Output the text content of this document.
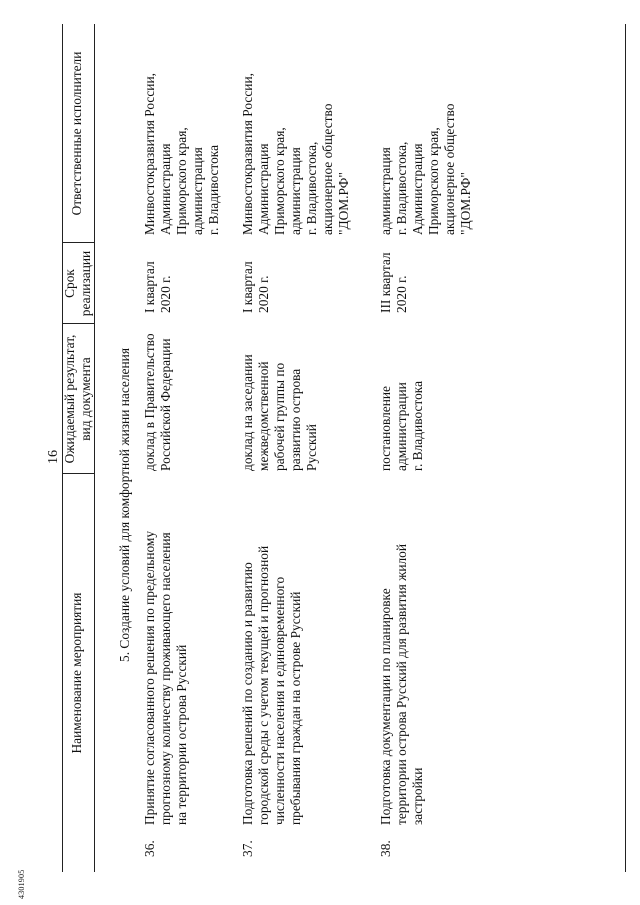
16
Наименование мероприятия
Ожидаемый результат,
вид документа
Срок
реализации
Ответственные исполнители
5. Создание условий для комфортной жизни населения
36.
Принятие согласованного решения по предельному
прогнозному количеству проживающего населения
на территории острова Русский
доклад в Правительство
Российской Федерации
I квартал
2020 г.
Минвостокразвития России,
Администрация
Приморского края,
администрация
г. Владивостока
37.
Подготовка решений по созданию и развитию
городской среды с учетом текущей и прогнозной
численности населения и единовременного
пребывания граждан на острове Русский
доклад на заседании
межведомственной
рабочей группы по
развитию острова
Русский
I квартал
2020 г.
Минвостокразвития России,
Администрация
Приморского края,
администрация
г. Владивостока,
акционерное общество
"ДОМ.РФ"
38.
Подготовка документации по планировке
территории острова Русский для развития жилой
застройки
постановление
администрации
г. Владивостока
III квартал
2020 г.
администрация
г. Владивостока,
Администрация
Приморского края,
акционерное общество
"ДОМ.РФ"
4301905
